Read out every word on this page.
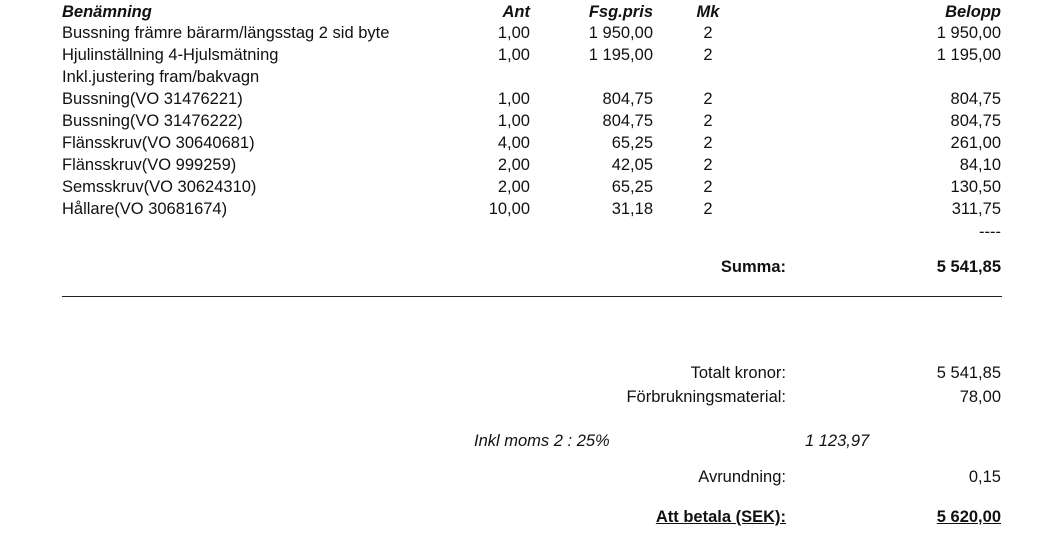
Benämning	Ant	Fsg.pris	Mk	Belopp
Bussning främre bärarm/längsstag 2 sid byte	1,00	1 950,00	2	1 950,00
Hjulinställning 4-Hjulsmätning	1,00	1 195,00	2	1 195,00
Inkl.justering fram/bakvagn
Bussning(VO 31476221)	1,00	804,75	2	804,75
Bussning(VO 31476222)	1,00	804,75	2	804,75
Flänsskruv(VO 30640681)	4,00	65,25	2	261,00
Flänsskruv(VO 999259)	2,00	42,05	2	84,10
Semsskruv(VO 30624310)	2,00	65,25	2	130,50
Hållare(VO 30681674)	10,00	31,18	2	311,75
----
Summa:	5 541,85
Totalt kronor:	5 541,85
Förbrukningsmaterial:	78,00
Inkl moms 2 : 25%	1 123,97
Avrundning:	0,15
Att betala (SEK):	5 620,00
